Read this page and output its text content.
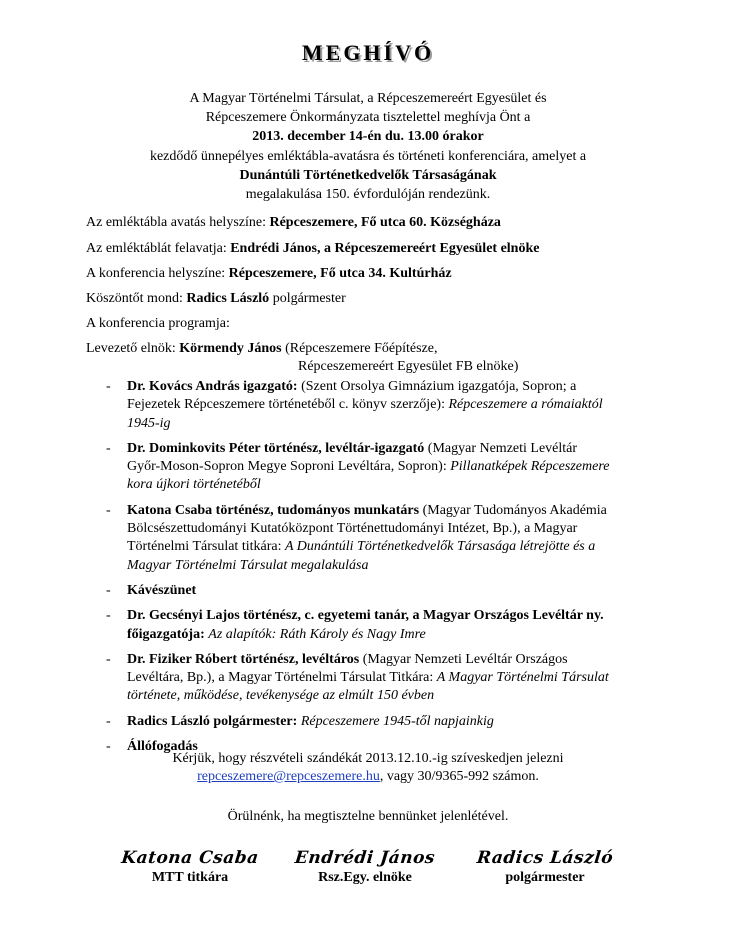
MEGHÍVÓ
A Magyar Történelmi Társulat, a Répceszemereért Egyesület és
Répceszemere Önkormányzata tisztelettel meghívja Önt a
2013. december 14-én du. 13.00 órakor
kezdődő ünnepélyes emléktábla-avatásra és történeti konferenciára, amelyet a
Dunántúli Történetkedvelők Társaságának
megalakulása 150. évfordulóján rendezünk.
Az emléktábla avatás helyszíne: Répceszemere, Fő utca 60. Községháza
Az emléktáblát felavatja: Endrédi János, a Répceszemereért Egyesület elnöke
A konferencia helyszíne: Répceszemere, Fő utca 34. Kultúrház
Köszöntőt mond: Radics László polgármester
A konferencia programja:
Levezető elnök: Körmendy János (Répceszemere Főépítésze,
Répceszemereért Egyesület FB elnöke)
- Dr. Kovács András igazgató: (Szent Orsolya Gimnázium igazgatója, Sopron; a
Fejezetek Répceszemere történetéből c. könyv szerzője): Répceszemere a rómaiaktól
1945-ig
- Dr. Dominkovits Péter történész, levéltár-igazgató (Magyar Nemzeti Levéltár
Győr-Moson-Sopron Megye Soproni Levéltára, Sopron): Pillanatképek Répceszemere
kora újkori történetéből
- Katona Csaba történész, tudományos munkatárs (Magyar Tudományos Akadémia
Bölcsészettudományi Kutatóközpont Történettudományi Intézet, Bp.), a Magyar
Történelmi Társulat titkára: A Dunántúli Történetkedvelők Társasága létrejötte és a
Magyar Történelmi Társulat megalakulása
- Kávészünet
- Dr. Gecsényi Lajos történész, c. egyetemi tanár, a Magyar Országos Levéltár ny.
főigazgatója: Az alapítók: Ráth Károly és Nagy Imre
- Dr. Fiziker Róbert történész, levéltáros (Magyar Nemzeti Levéltár Országos
Levéltára, Bp.), a Magyar Történelmi Társulat Titkára: A Magyar Történelmi Társulat
története, működése, tevékenysége az elmúlt 150 évben
- Radics László polgármester: Répceszemere 1945-től napjainkig
- Állófogadás
Kérjük, hogy részvételi szándékát 2013.12.10.-ig szíveskedjen jelezni
repceszemere@repceszemere.hu, vagy 30/9365-992 számon.
Örülnénk, ha megtisztelne bennünket jelenlétével.
Katona Csaba
MTT titkára
Endrédi János
Rsz.Egy. elnöke
Radics László
polgármester
